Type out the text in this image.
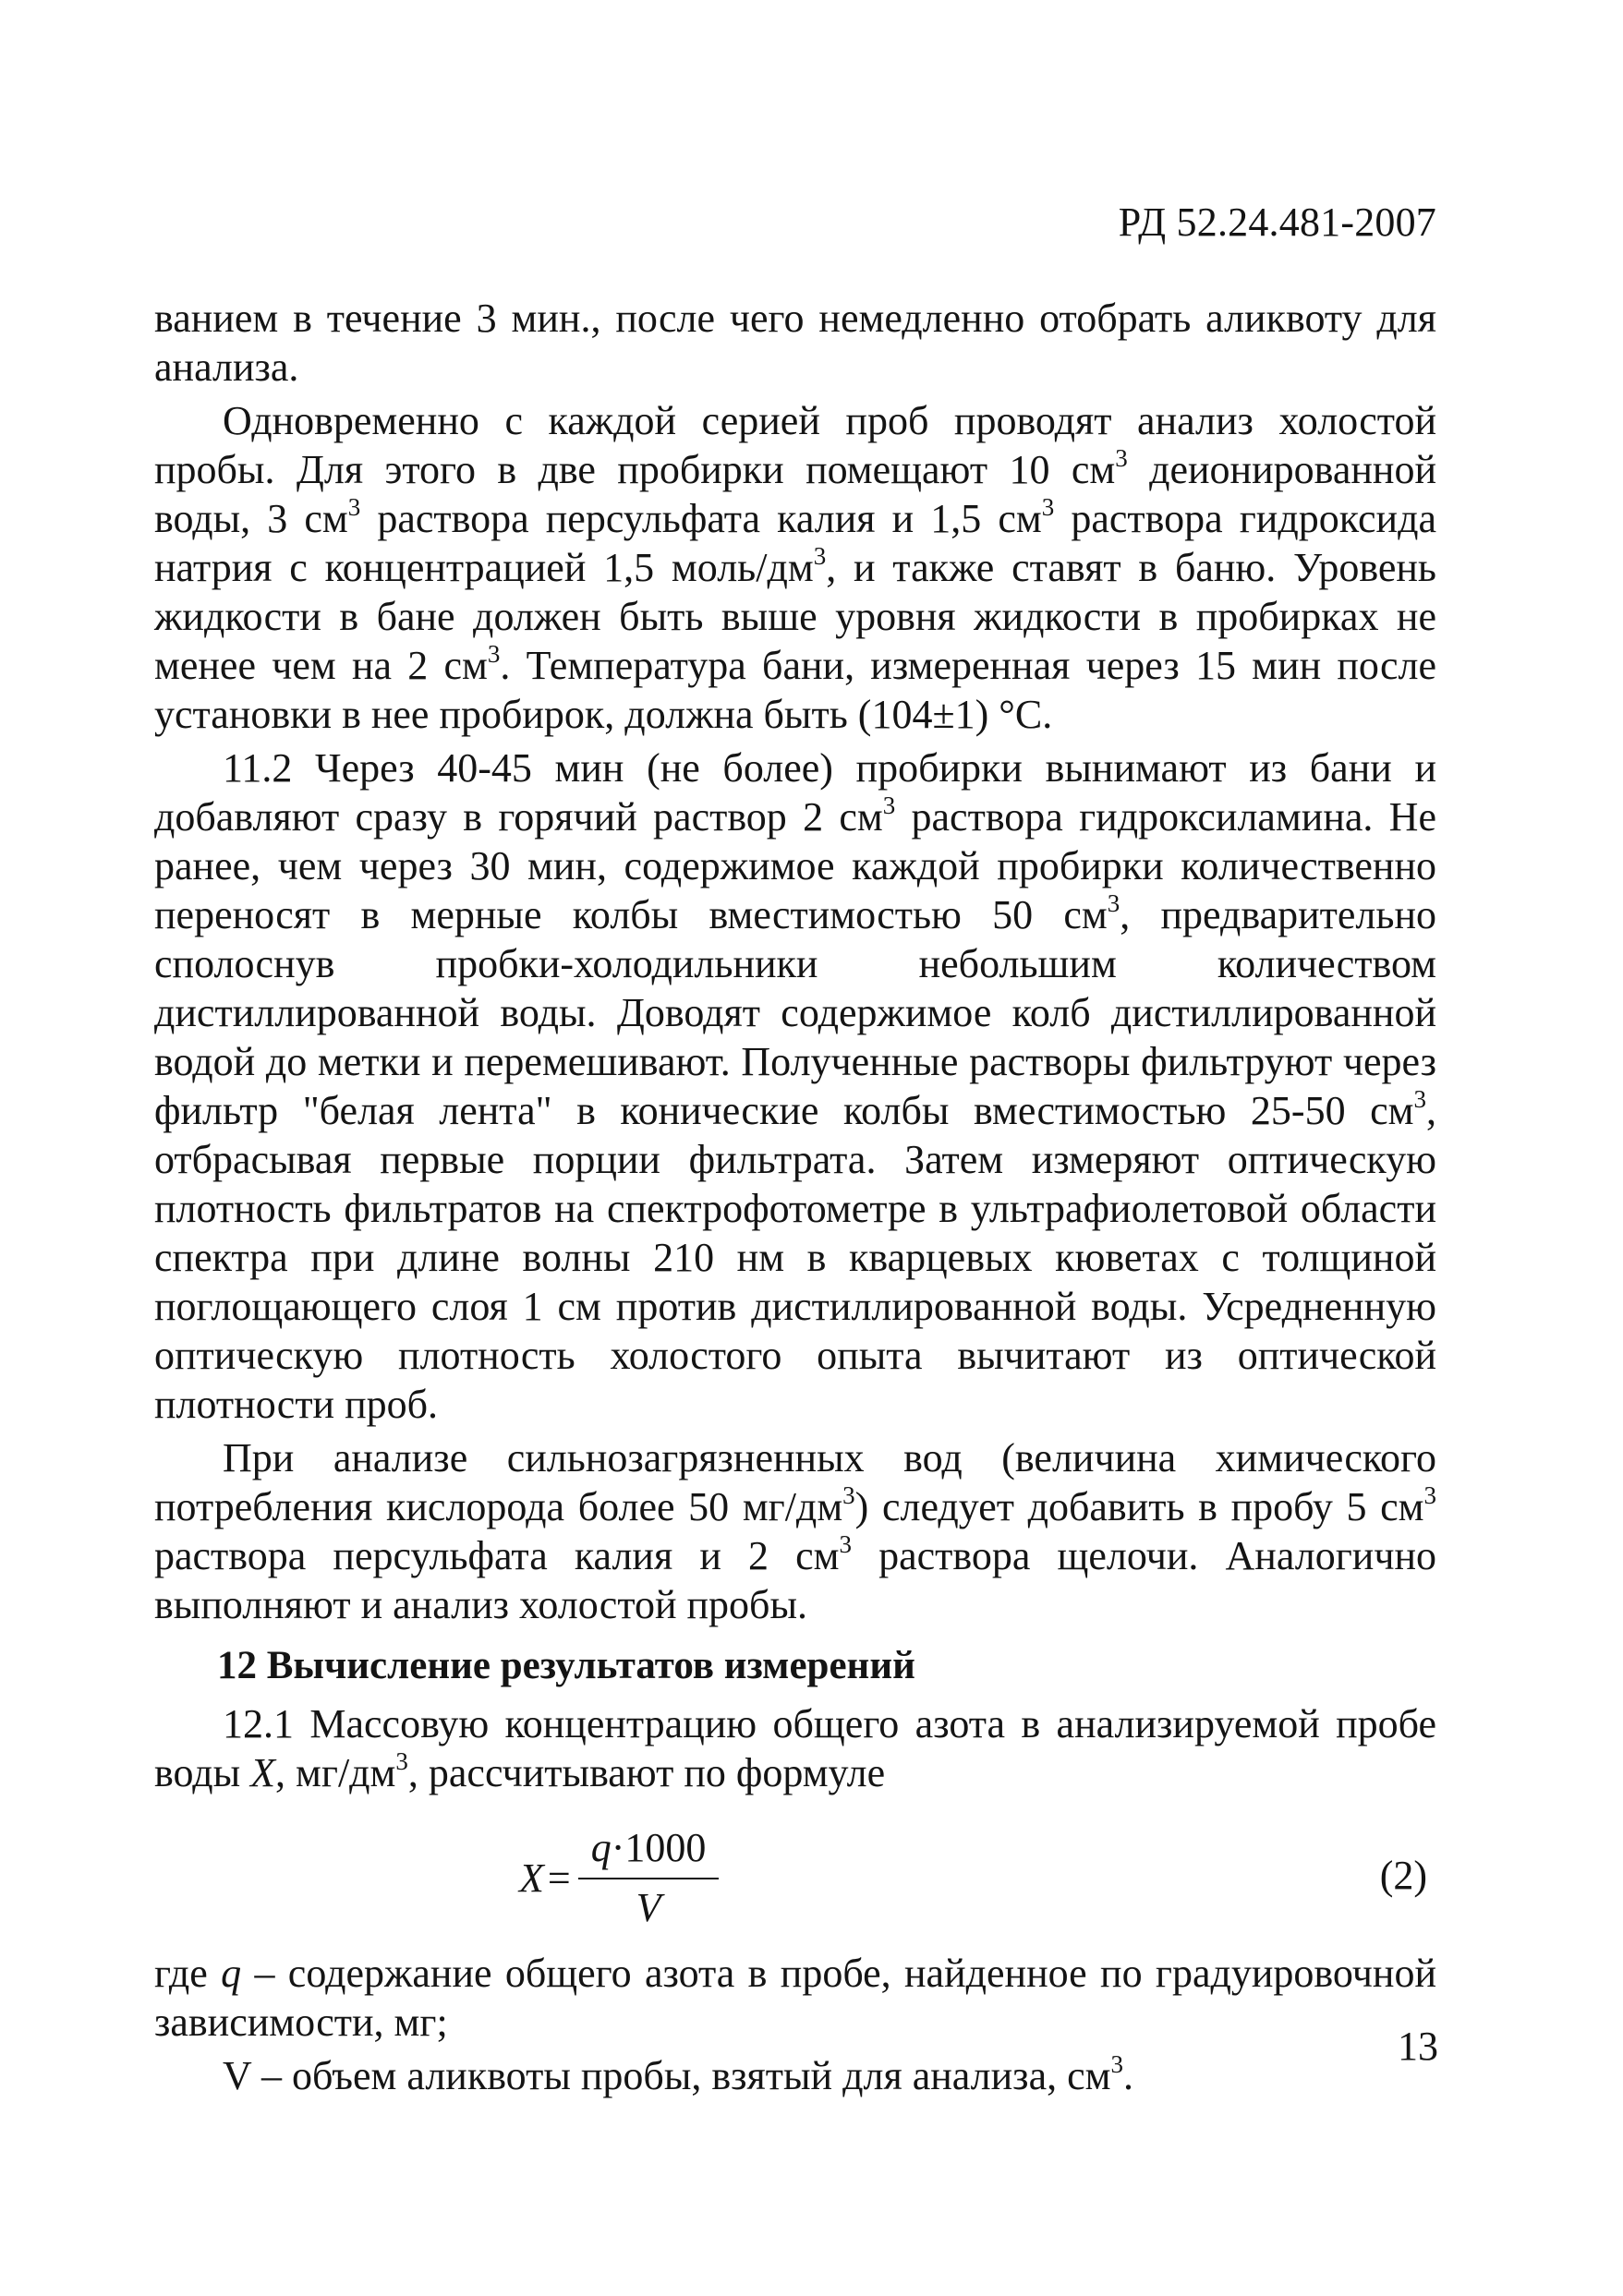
РД 52.24.481-2007

ванием в течение 3 мин., после чего немедленно отобрать аликвоту для анализа.

Одновременно с каждой серией проб проводят анализ холостой пробы. Для этого в две пробирки помещают 10 $см^3$ деионированной воды, 3 $см^3$ раствора персульфата калия и 1,5 $см^3$ раствора гидроксида натрия с концентрацией 1,5 моль/$дм^3$, и также ставят в баню. Уровень жидкости в бане должен быть выше уровня жидкости в пробирках не менее чем на 2 $см^3$. Температура бани, измеренная через 15 мин после установки в нее пробирок, должна быть (104±1) °С.

11.2 Через 40-45 мин (не более) пробирки вынимают из бани и добавляют сразу в горячий раствор 2 $см^3$ раствора гидроксиламина. Не ранее, чем через 30 мин, содержимое каждой пробирки количественно переносят в мерные колбы вместимостью 50 $см^3$, предварительно сполоснув пробки-холодильники небольшим количеством дистиллированной воды. Доводят содержимое колб дистиллированной водой до метки и перемешивают. Полученные растворы фильтруют через фильтр "белая лента" в конические колбы вместимостью 25-50 $см^3$, отбрасывая первые порции фильтрата. Затем измеряют оптическую плотность фильтратов на спектрофотометре в ультрафиолетовой области спектра при длине волны 210 нм в кварцевых кюветах с толщиной поглощающего слоя 1 см против дистиллированной воды. Усредненную оптическую плотность холостого опыта вычитают из оптической плотности проб.

При анализе сильнозагрязненных вод (величина химического потребления кислорода более 50 $мг/дм^3$) следует добавить в пробу 5 $см^3$ раствора персульфата калия и 2 $см^3$ раствора щелочи. Аналогично выполняют и анализ холостой пробы.

12 Вычисление результатов измерений

12.1 Массовую концентрацию общего азота в анализируемой пробе воды X, $мг/дм^3$, рассчитывают по формуле

$X = \frac{q\cdot 1000}{V}$	(2)

где q – содержание общего азота в пробе, найденное по градуировочной зависимости, мг;

V – объем аликвоты пробы, взятый для анализа, $см^3$.

13
